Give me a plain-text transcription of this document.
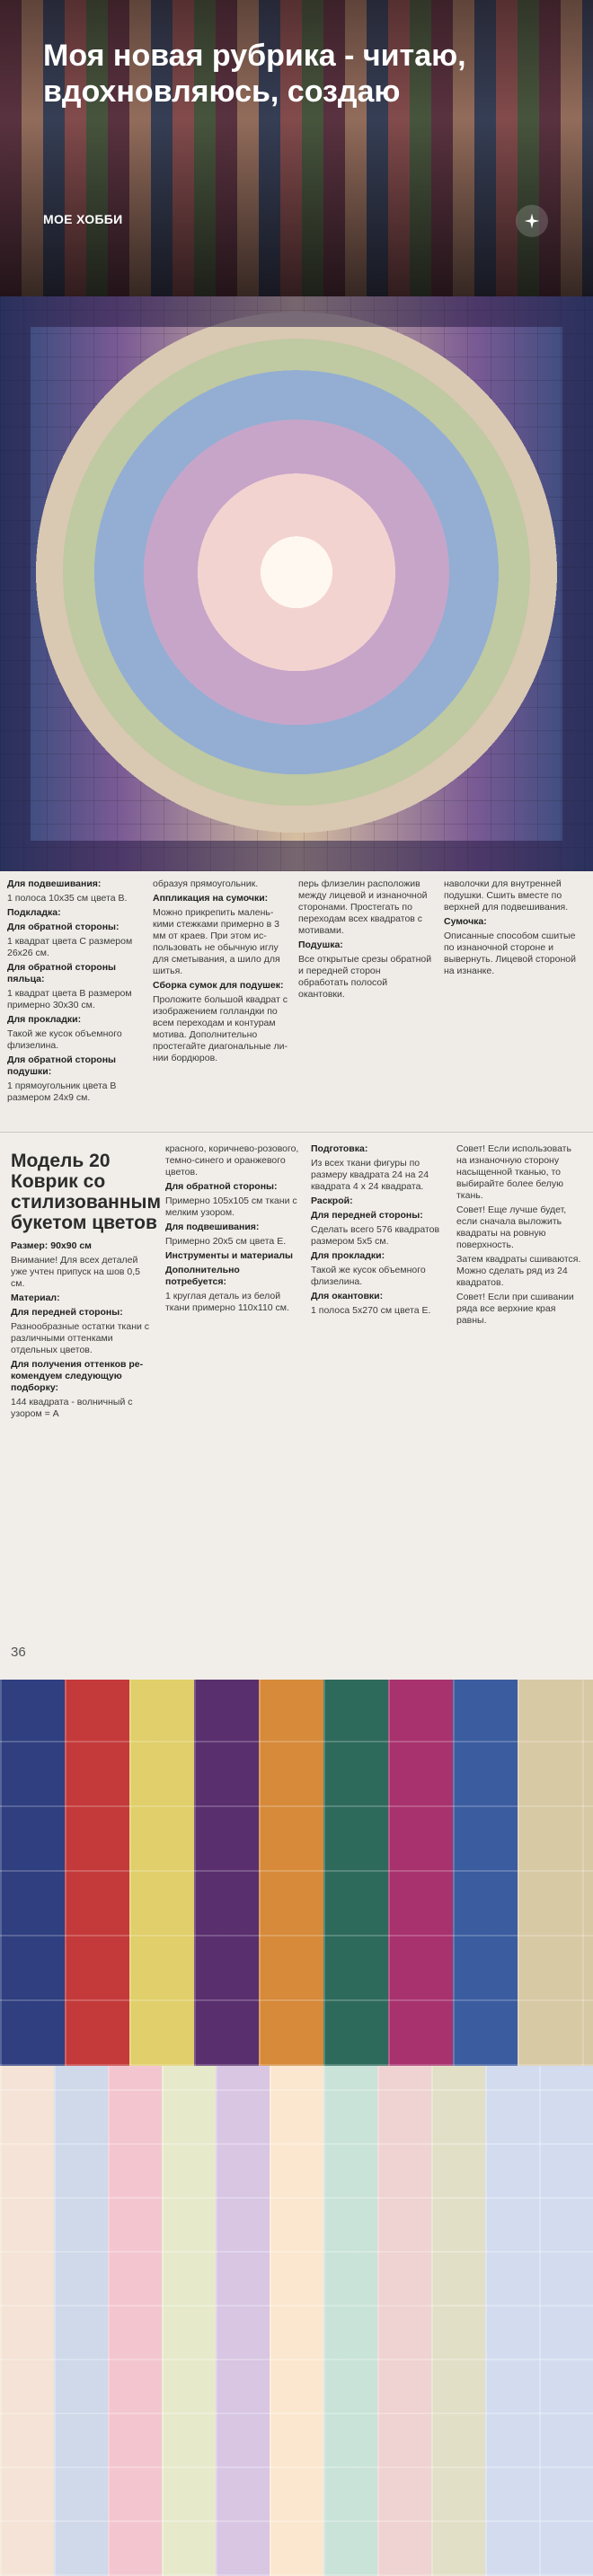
Моя новая рубрика - читаю, вдохновляюсь, создаю
МОЕ ХОББИ

Для подвешивания:

1 полоса 10x35 см цвета B.

Подкладка:

Для обратной стороны:

1 квадрат цвета C размером 26x26 см.

Для обратной стороны пяльца:

1 квадрат цвета B размером примерно 30x30 см.

Для прокладки:

Такой же кусок объемного флизелина.

Для обратной стороны подушки:

1 прямоугольник цвета B размером 24x9 см.

образуя прямоугольник.

Аппликация на сумочки:

Можно прикрепить маленькими стежками примерно в 3 мм от краев. При этом использовать не обычную иглу для сметывания, а шило для шитья.

Сборка сумок для подушек:

Проложите большой квадрат с изображением голландки по всем переходам и контурам мотива. Дополнительно простегайте диагональные линии бордюров.

перь флизелин расположив между лицевой и изнаночной сторонами. Простегать по переходам всех квадратов с мотивами.

Подушка:

Все открытые срезы обратной и передней сторон обработать полосой окантовки.

наволочки для внутренней подушки. Сшить вместе по верхней для подвешивания.

Сумочка:

Описанные способом сшитые по изнаночной стороне и вывернуть. Лицевой стороной на изнанке.

Модель 20 Коврик со стилизованным букетом цветов

Размер: 90x90 см

Внимание! Для всех деталей уже учтен припуск на шов 0,5 см.

Материал:

Для передней стороны:

Разнообразные остатки ткани с различными оттенками отдельных цветов.

Для получения оттенков рекомендуем следующую подборку:

144 квадрата - волничный с узором = A

красного, коричнево-розового, темно-синего и оранжевого цветов.

Для обратной стороны:

Примерно 105x105 см ткани с мелким узором.

Для подвешивания:

Примерно 20x5 см цвета E.

Инструменты и материалы

Дополнительно потребуется:

1 круглая деталь из белой ткани примерно 110x110 см.

Подготовка:

Из всех ткани фигуры по размеру квадрата 24 на 24 квадрата 4 х 24 квадрата.

Раскрой:

Для передней стороны:

Сделать всего 576 квадратов размером 5x5 см.

Для прокладки:

Такой же кусок объемного флизелина.

Для окантовки:

1 полоса 5x270 см цвета E.

Совет! Если использовать на изнаночную сторону насыщенной тканью, то выбирайте более белую ткань.

Совет! Еще лучше будет, если сначала выложить квадраты на ровную поверхность.

Затем квадраты сшиваются. Можно сделать ряд из 24 квадратов.

Совет! Если при сшивании ряда все верхние края равны.

36
